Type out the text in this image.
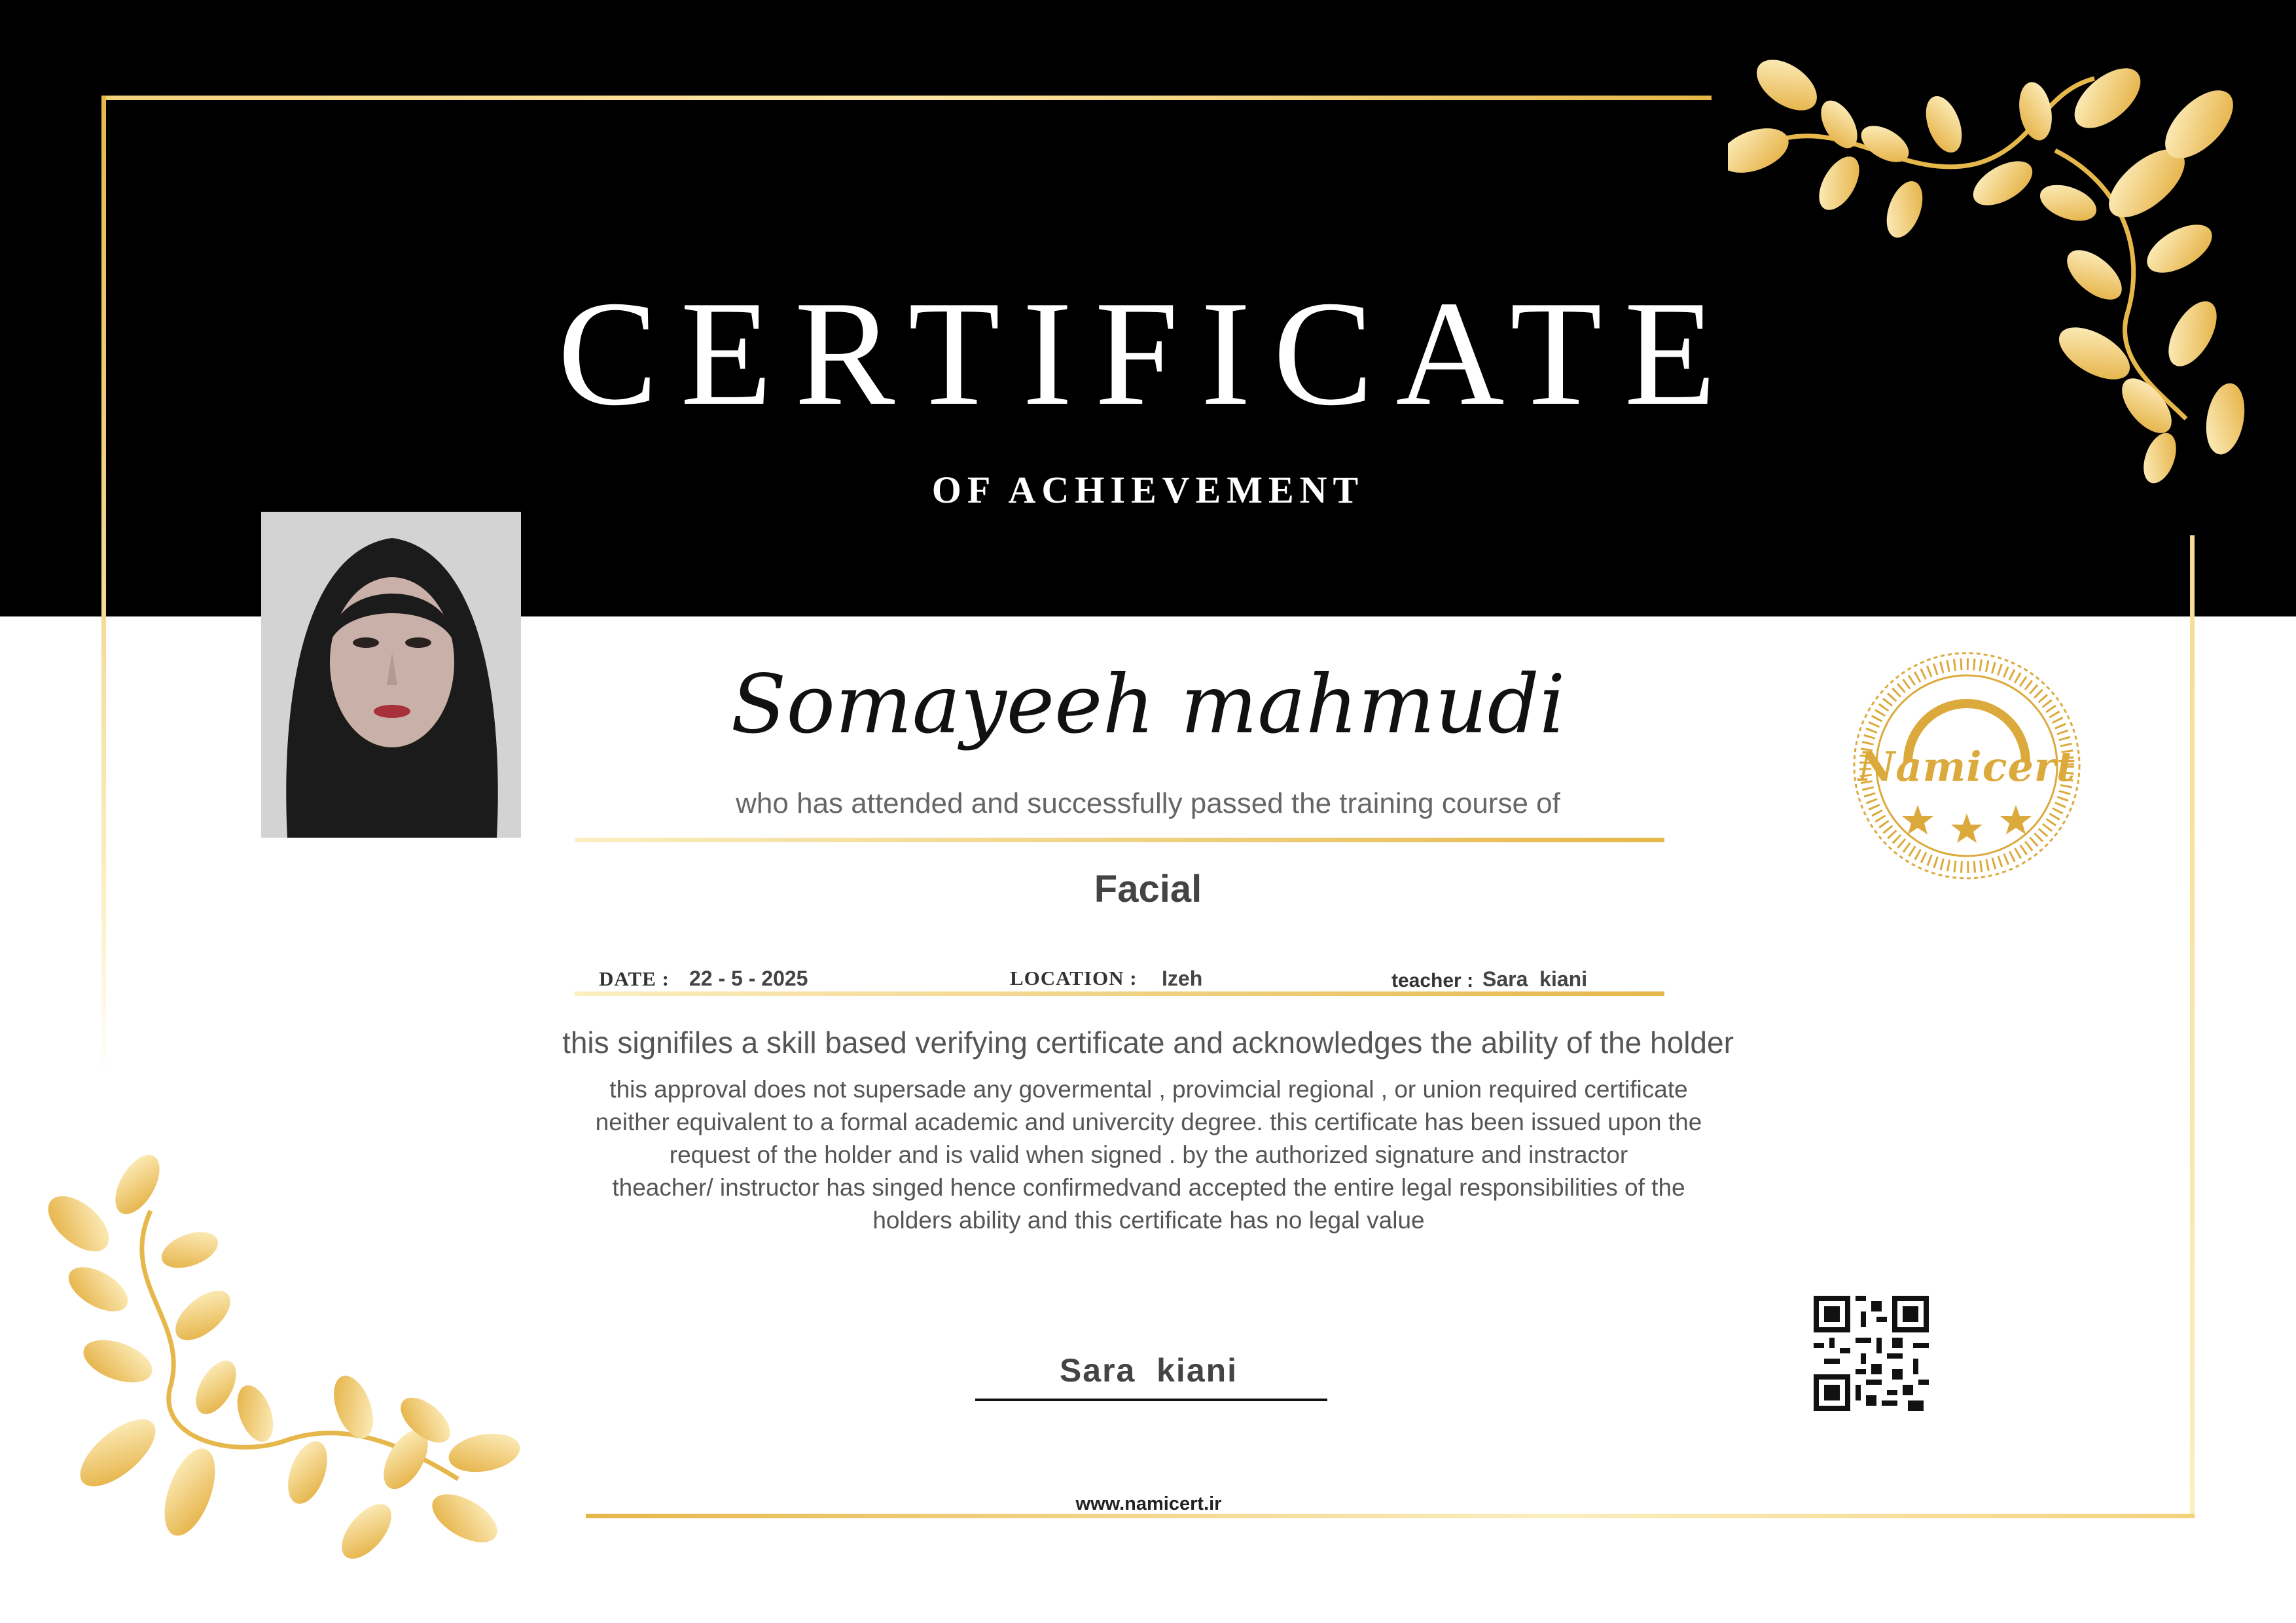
CERTIFICATE
OF ACHIEVEMENT
Somayeeh mahmudi
who has attended and successfully passed the training course of
Facial
DATE : 22 - 5 - 2025	LOCATION : Izeh	teacher : Sara  kiani
this signifiles a skill based verifying certificate and acknowledges the ability of the holder
this approval does not supersade any govermental , provimcial regional , or union required certificate
neither equivalent to a formal academic and univercity degree. this certificate has been issued upon the
request of the holder and is valid when signed . by the authorized signature and instractor
theacher/ instructor has singed hence confirmedvand accepted the entire legal responsibilities of the
holders ability and this certificate has no legal value
Namicert
Sara  kiani
www.namicert.ir
